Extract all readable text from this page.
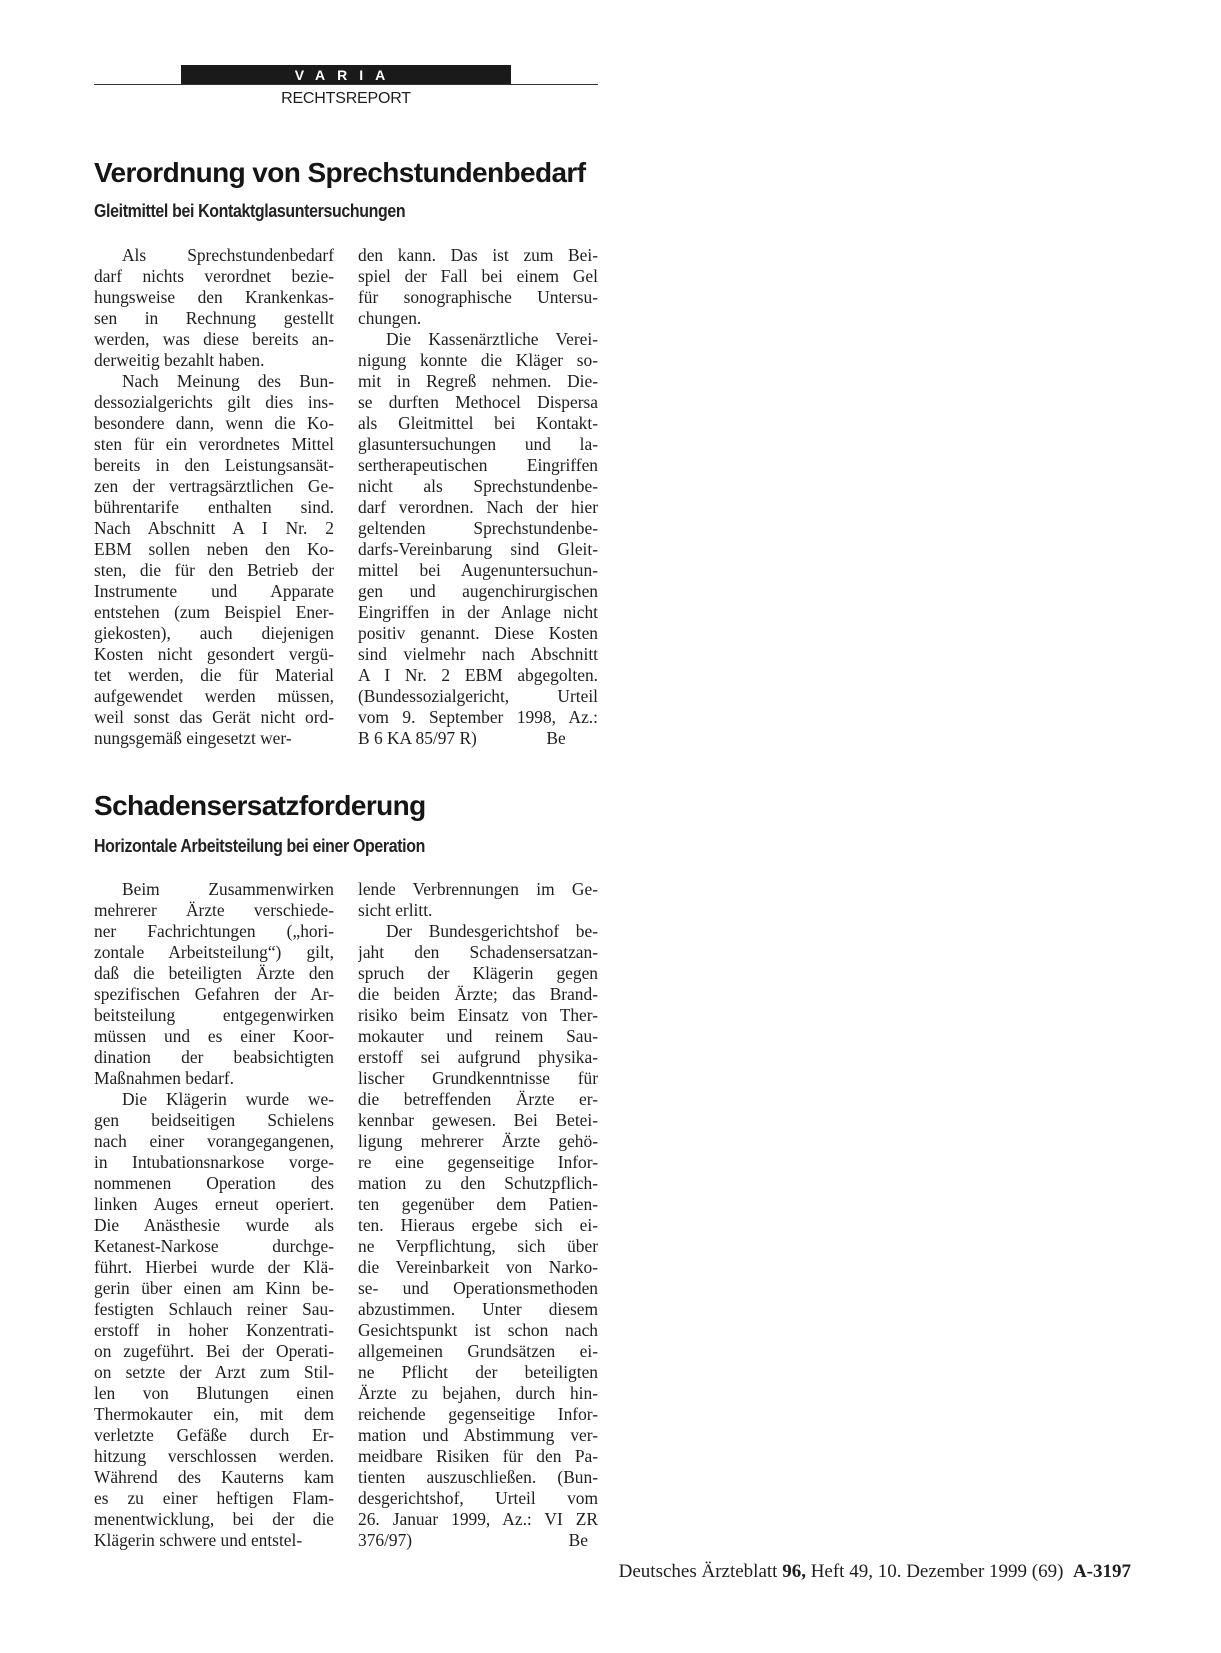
VARIA
RECHTSREPORT
Verordnung von Sprechstundenbedarf
Gleitmittel bei Kontaktglasuntersuchungen
Als Sprechstundenbedarf
darf nichts verordnet bezie-
hungsweise den Krankenkas-
sen in Rechnung gestellt
werden, was diese bereits an-
derweitig bezahlt haben.
Nach Meinung des Bun-
dessozialgerichts gilt dies ins-
besondere dann, wenn die Ko-
sten für ein verordnetes Mittel
bereits in den Leistungsansät-
zen der vertragsärztlichen Ge-
bührentarife enthalten sind.
Nach Abschnitt A I Nr. 2
EBM sollen neben den Ko-
sten, die für den Betrieb der
Instrumente und Apparate
entstehen (zum Beispiel Ener-
giekosten), auch diejenigen
Kosten nicht gesondert vergü-
tet werden, die für Material
aufgewendet werden müssen,
weil sonst das Gerät nicht ord-
nungsgemäß eingesetzt wer-
den kann. Das ist zum Bei-
spiel der Fall bei einem Gel
für sonographische Untersu-
chungen.
Die Kassenärztliche Verei-
nigung konnte die Kläger so-
mit in Regreß nehmen. Die-
se durften Methocel Dispersa
als Gleitmittel bei Kontakt-
glasuntersuchungen und la-
sertherapeutischen Eingriffen
nicht als Sprechstundenbe-
darf verordnen. Nach der hier
geltenden Sprechstundenbe-
darfs-Vereinbarung sind Gleit-
mittel bei Augenuntersuchun-
gen und augenchirurgischen
Eingriffen in der Anlage nicht
positiv genannt. Diese Kosten
sind vielmehr nach Abschnitt
A I Nr. 2 EBM abgegolten.
(Bundessozialgericht, Urteil
vom 9. September 1998, Az.:
B 6 KA 85/97 R)    Be
Schadensersatzforderung
Horizontale Arbeitsteilung bei einer Operation
Beim Zusammenwirken
mehrerer Ärzte verschiede-
ner Fachrichtungen („hori-
zontale Arbeitsteilung“) gilt,
daß die beteiligten Ärzte den
spezifischen Gefahren der Ar-
beitsteilung entgegenwirken
müssen und es einer Koor-
dination der beabsichtigten
Maßnahmen bedarf.
Die Klägerin wurde we-
gen beidseitigen Schielens
nach einer vorangegangenen,
in Intubationsnarkose vorge-
nommenen Operation des
linken Auges erneut operiert.
Die Anästhesie wurde als
Ketanest-Narkose durchge-
führt. Hierbei wurde der Klä-
gerin über einen am Kinn be-
festigten Schlauch reiner Sau-
erstoff in hoher Konzentrati-
on zugeführt. Bei der Operati-
on setzte der Arzt zum Stil-
len von Blutungen einen
Thermokauter ein, mit dem
verletzte Gefäße durch Er-
hitzung verschlossen werden.
Während des Kauterns kam
es zu einer heftigen Flam-
menentwicklung, bei der die
Klägerin schwere und entstel-
lende Verbrennungen im Ge-
sicht erlitt.
Der Bundesgerichtshof be-
jaht den Schadensersatzan-
spruch der Klägerin gegen
die beiden Ärzte; das Brand-
risiko beim Einsatz von Ther-
mokauter und reinem Sau-
erstoff sei aufgrund physika-
lischer Grundkenntnisse für
die betreffenden Ärzte er-
kennbar gewesen. Bei Betei-
ligung mehrerer Ärzte gehö-
re eine gegenseitige Infor-
mation zu den Schutzpflich-
ten gegenüber dem Patien-
ten. Hieraus ergebe sich ei-
ne Verpflichtung, sich über
die Vereinbarkeit von Narko-
se- und Operationsmethoden
abzustimmen. Unter diesem
Gesichtspunkt ist schon nach
allgemeinen Grundsätzen ei-
ne Pflicht der beteiligten
Ärzte zu bejahen, durch hin-
reichende gegenseitige Infor-
mation und Abstimmung ver-
meidbare Risiken für den Pa-
tienten auszuschließen. (Bun-
desgerichtshof, Urteil vom
26. Januar 1999, Az.: VI ZR
376/97)         Be
Deutsches Ärzteblatt 96, Heft 49, 10. Dezember 1999 (69) A-3197
